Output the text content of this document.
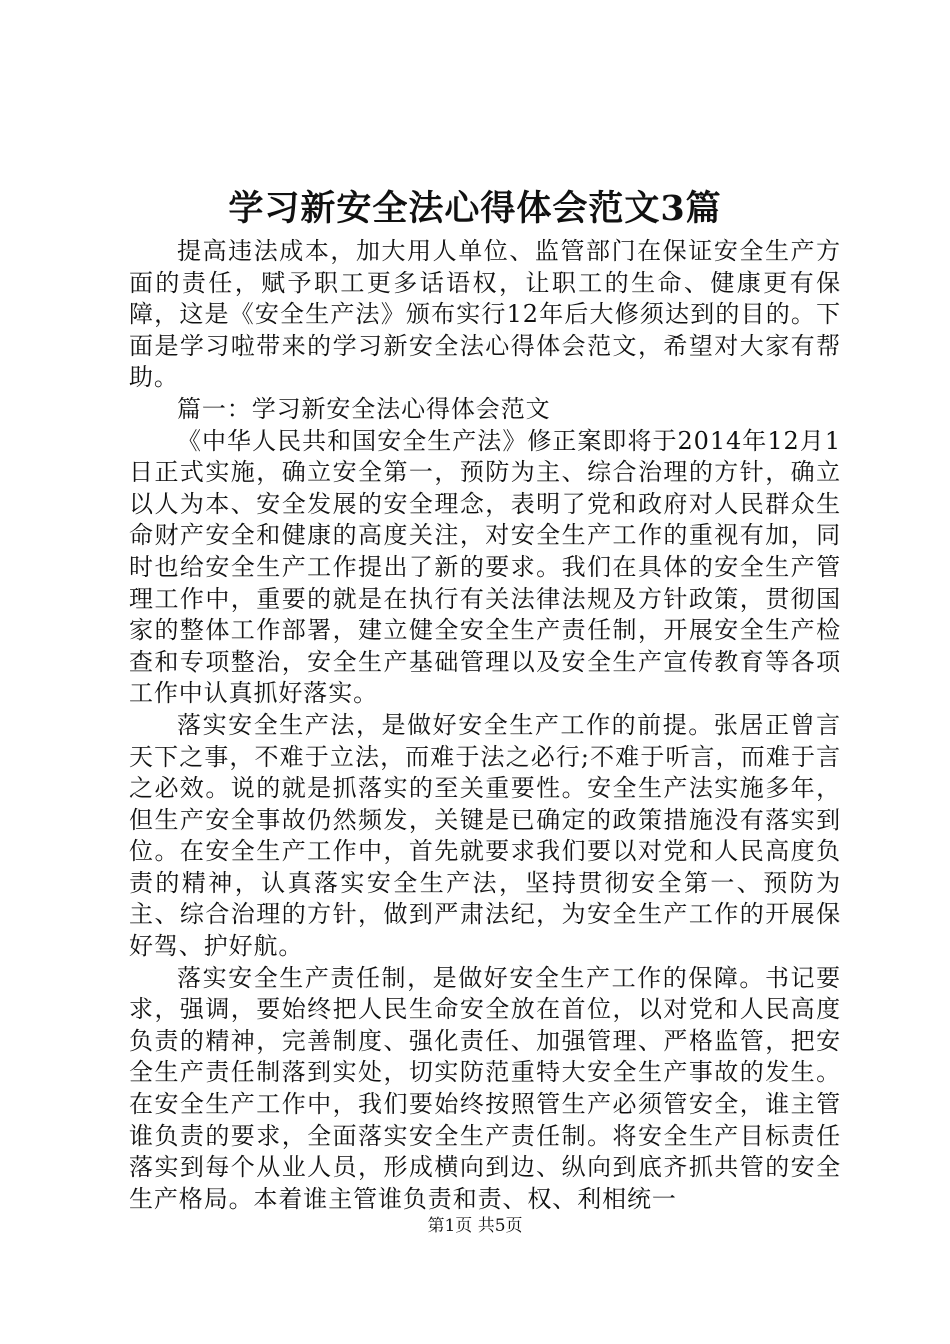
学习新安全法心得体会范文3篇

提高违法成本，加大用人单位、监管部门在保证安全生产方面的责任，赋予职工更多话语权，让职工的生命、健康更有保障，这是《安全生产法》颁布实行12年后大修须达到的目的。下面是学习啦带来的学习新安全法心得体会范文，希望对大家有帮助。

篇一：学习新安全法心得体会范文

《中华人民共和国安全生产法》修正案即将于2014年12月1日正式实施，确立安全第一，预防为主、综合治理的方针，确立以人为本、安全发展的安全理念，表明了党和政府对人民群众生命财产安全和健康的高度关注，对安全生产工作的重视有加，同时也给安全生产工作提出了新的要求。我们在具体的安全生产管理工作中，重要的就是在执行有关法律法规及方针政策，贯彻国家的整体工作部署，建立健全安全生产责任制，开展安全生产检查和专项整治，安全生产基础管理以及安全生产宣传教育等各项工作中认真抓好落实。

落实安全生产法，是做好安全生产工作的前提。张居正曾言天下之事，不难于立法，而难于法之必行;不难于听言，而难于言之必效。说的就是抓落实的至关重要性。安全生产法实施多年，但生产安全事故仍然频发，关键是已确定的政策措施没有落实到位。在安全生产工作中，首先就要求我们要以对党和人民高度负责的精神，认真落实安全生产法，坚持贯彻安全第一、预防为主、综合治理的方针，做到严肃法纪，为安全生产工作的开展保好驾、护好航。

落实安全生产责任制，是做好安全生产工作的保障。书记要求，强调，要始终把人民生命安全放在首位，以对党和人民高度负责的精神，完善制度、强化责任、加强管理、严格监管，把安全生产责任制落到实处，切实防范重特大安全生产事故的发生。在安全生产工作中，我们要始终按照管生产必须管安全，谁主管谁负责的要求，全面落实安全生产责任制。将安全生产目标责任落实到每个从业人员，形成横向到边、纵向到底齐抓共管的安全生产格局。本着谁主管谁负责和责、权、利相统一

第1页 共5页
